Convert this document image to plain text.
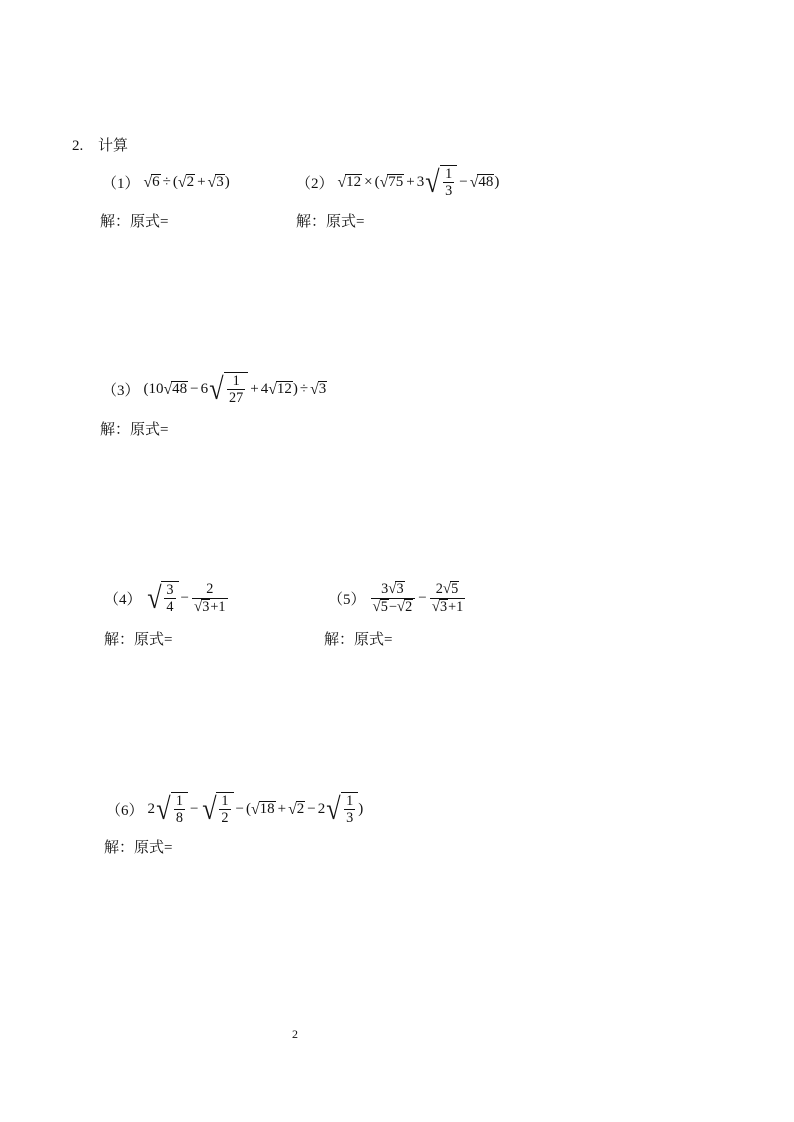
2. 计算
（1） √ 6 ÷ ( √ 2 + √ 3 )	（2） √ 12 × ( √ 75 + 3 √ $\frac{1}{3}$ − √ 48 )
解：原式=	解：原式=
（3） (10 √ 48 − 6 √ $\frac{1}{27} + 4$ √ 12 ) ÷ √ 3
解：原式=
（4） √ $\frac{3}{4} - \frac{2}{√ 3 +1}$	$(5) \frac{3 √ 3}{√ 5 - √ 2} - \frac{2 √ 5}{√ 3 +1}$
解：原式=	解：原式=
（6） 2 √ $\frac{1}{8}$ − √ $\frac{1}{2}$ − ( √ 18 + √ 2 − 2 √ $\frac{1}{3}$ )
解：原式=
2
